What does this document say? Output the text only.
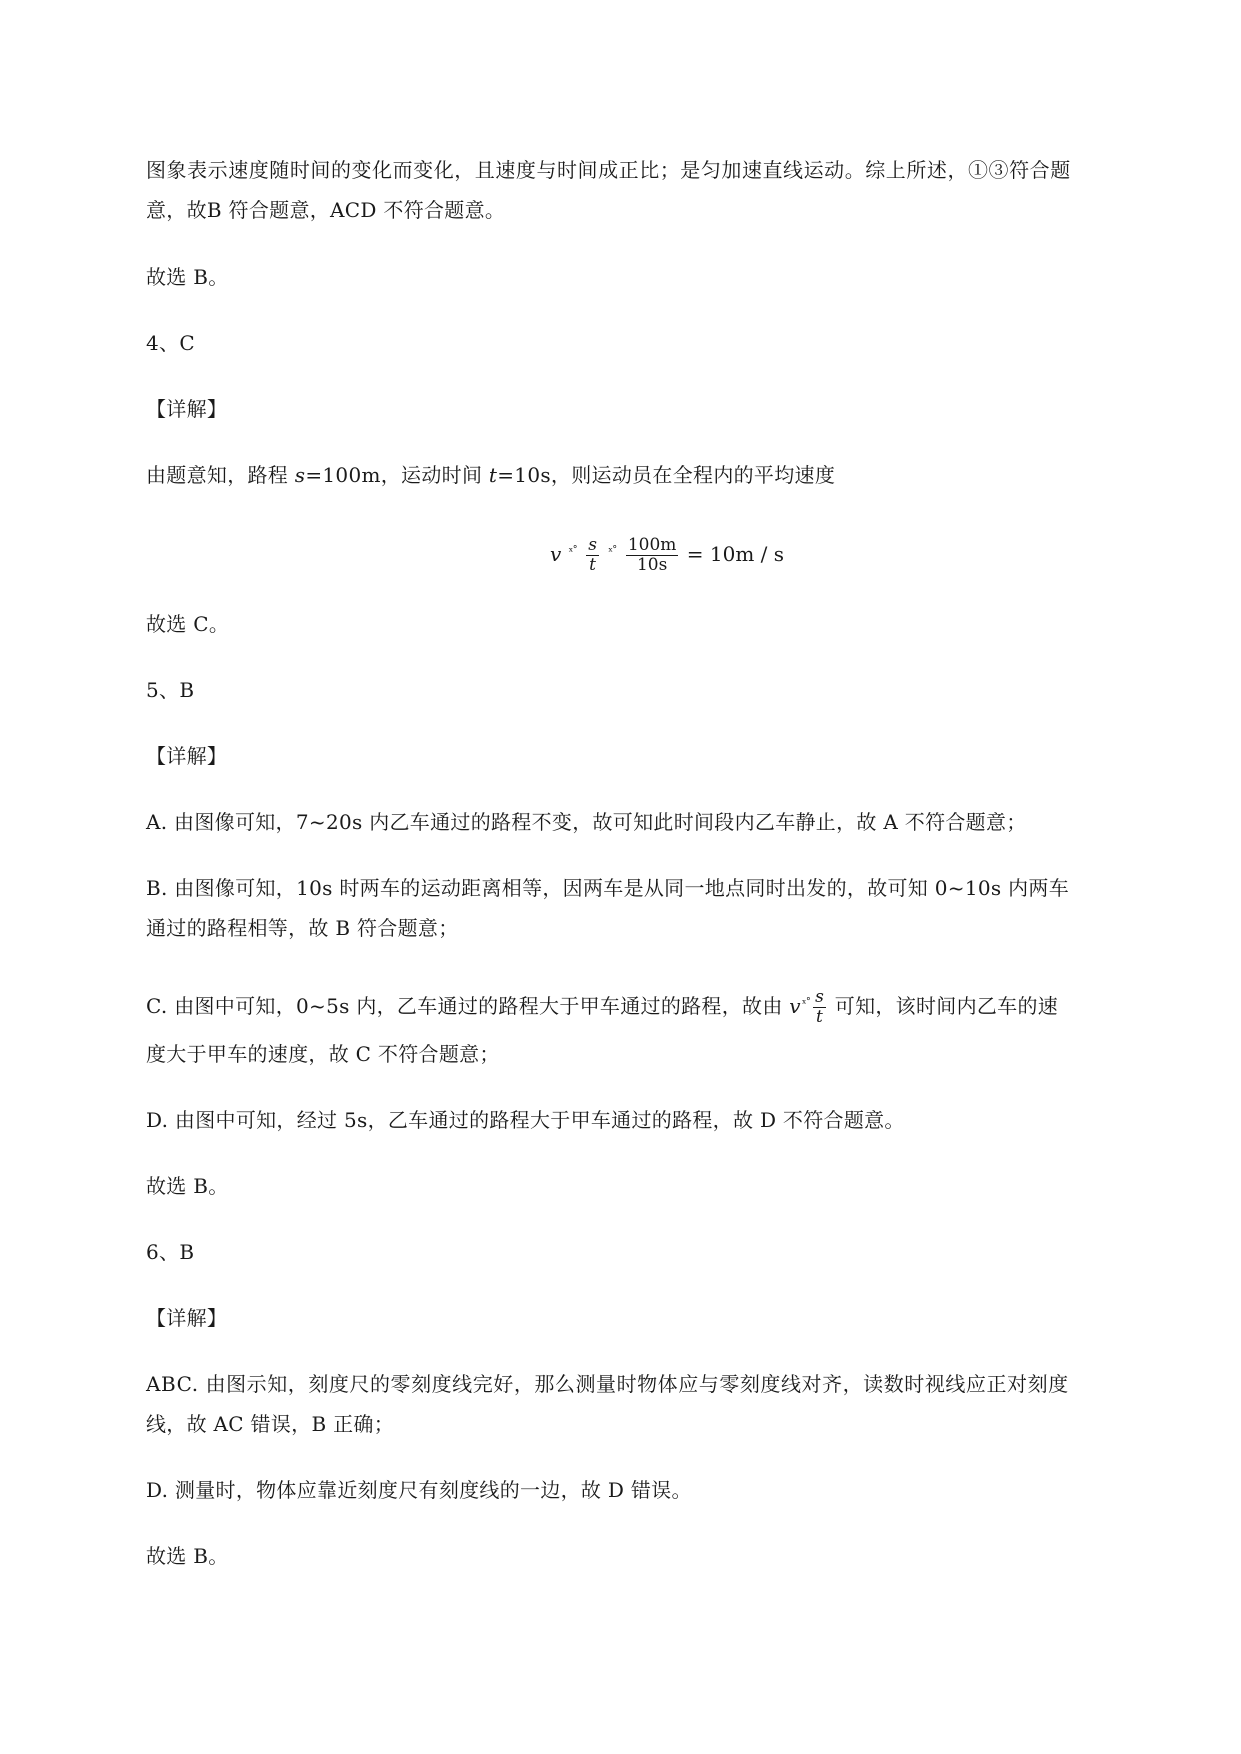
图象表示速度随时间的变化而变化，且速度与时间成正比；是匀加速直线运动。综上所述，①③符合题

意，故B 符合题意，ACD 不符合题意。

故选 B。

4、C

【详解】

由题意知，路程 s=100m，运动时间 t=10s，则运动员在全程内的平均速度

v $^{ˣ˚} \frac{s}{t} ^{ˣ˚} \frac{100m}{10s} = 10m / s$

故选 C。

5、B

【详解】

A. 由图像可知，7~20s 内乙车通过的路程不变，故可知此时间段内乙车静止，故 A 不符合题意；

B. 由图像可知，10s 时两车的运动距离相等，因两车是从同一地点同时出发的，故可知 0~10s 内两车

通过的路程相等，故 B 符合题意；

C. 由图中可知，0~5s 内，乙车通过的路程大于甲车通过的路程，故由 $v^{ˣ˚} \frac{s}{t}$ 可知，该时间内乙车的速

度大于甲车的速度，故 C 不符合题意；

D. 由图中可知，经过 5s，乙车通过的路程大于甲车通过的路程，故 D 不符合题意。

故选 B。

6、B

【详解】

ABC. 由图示知，刻度尺的零刻度线完好，那么测量时物体应与零刻度线对齐，读数时视线应正对刻度

线，故 AC 错误，B 正确；

D. 测量时，物体应靠近刻度尺有刻度线的一边，故 D 错误。

故选 B。
